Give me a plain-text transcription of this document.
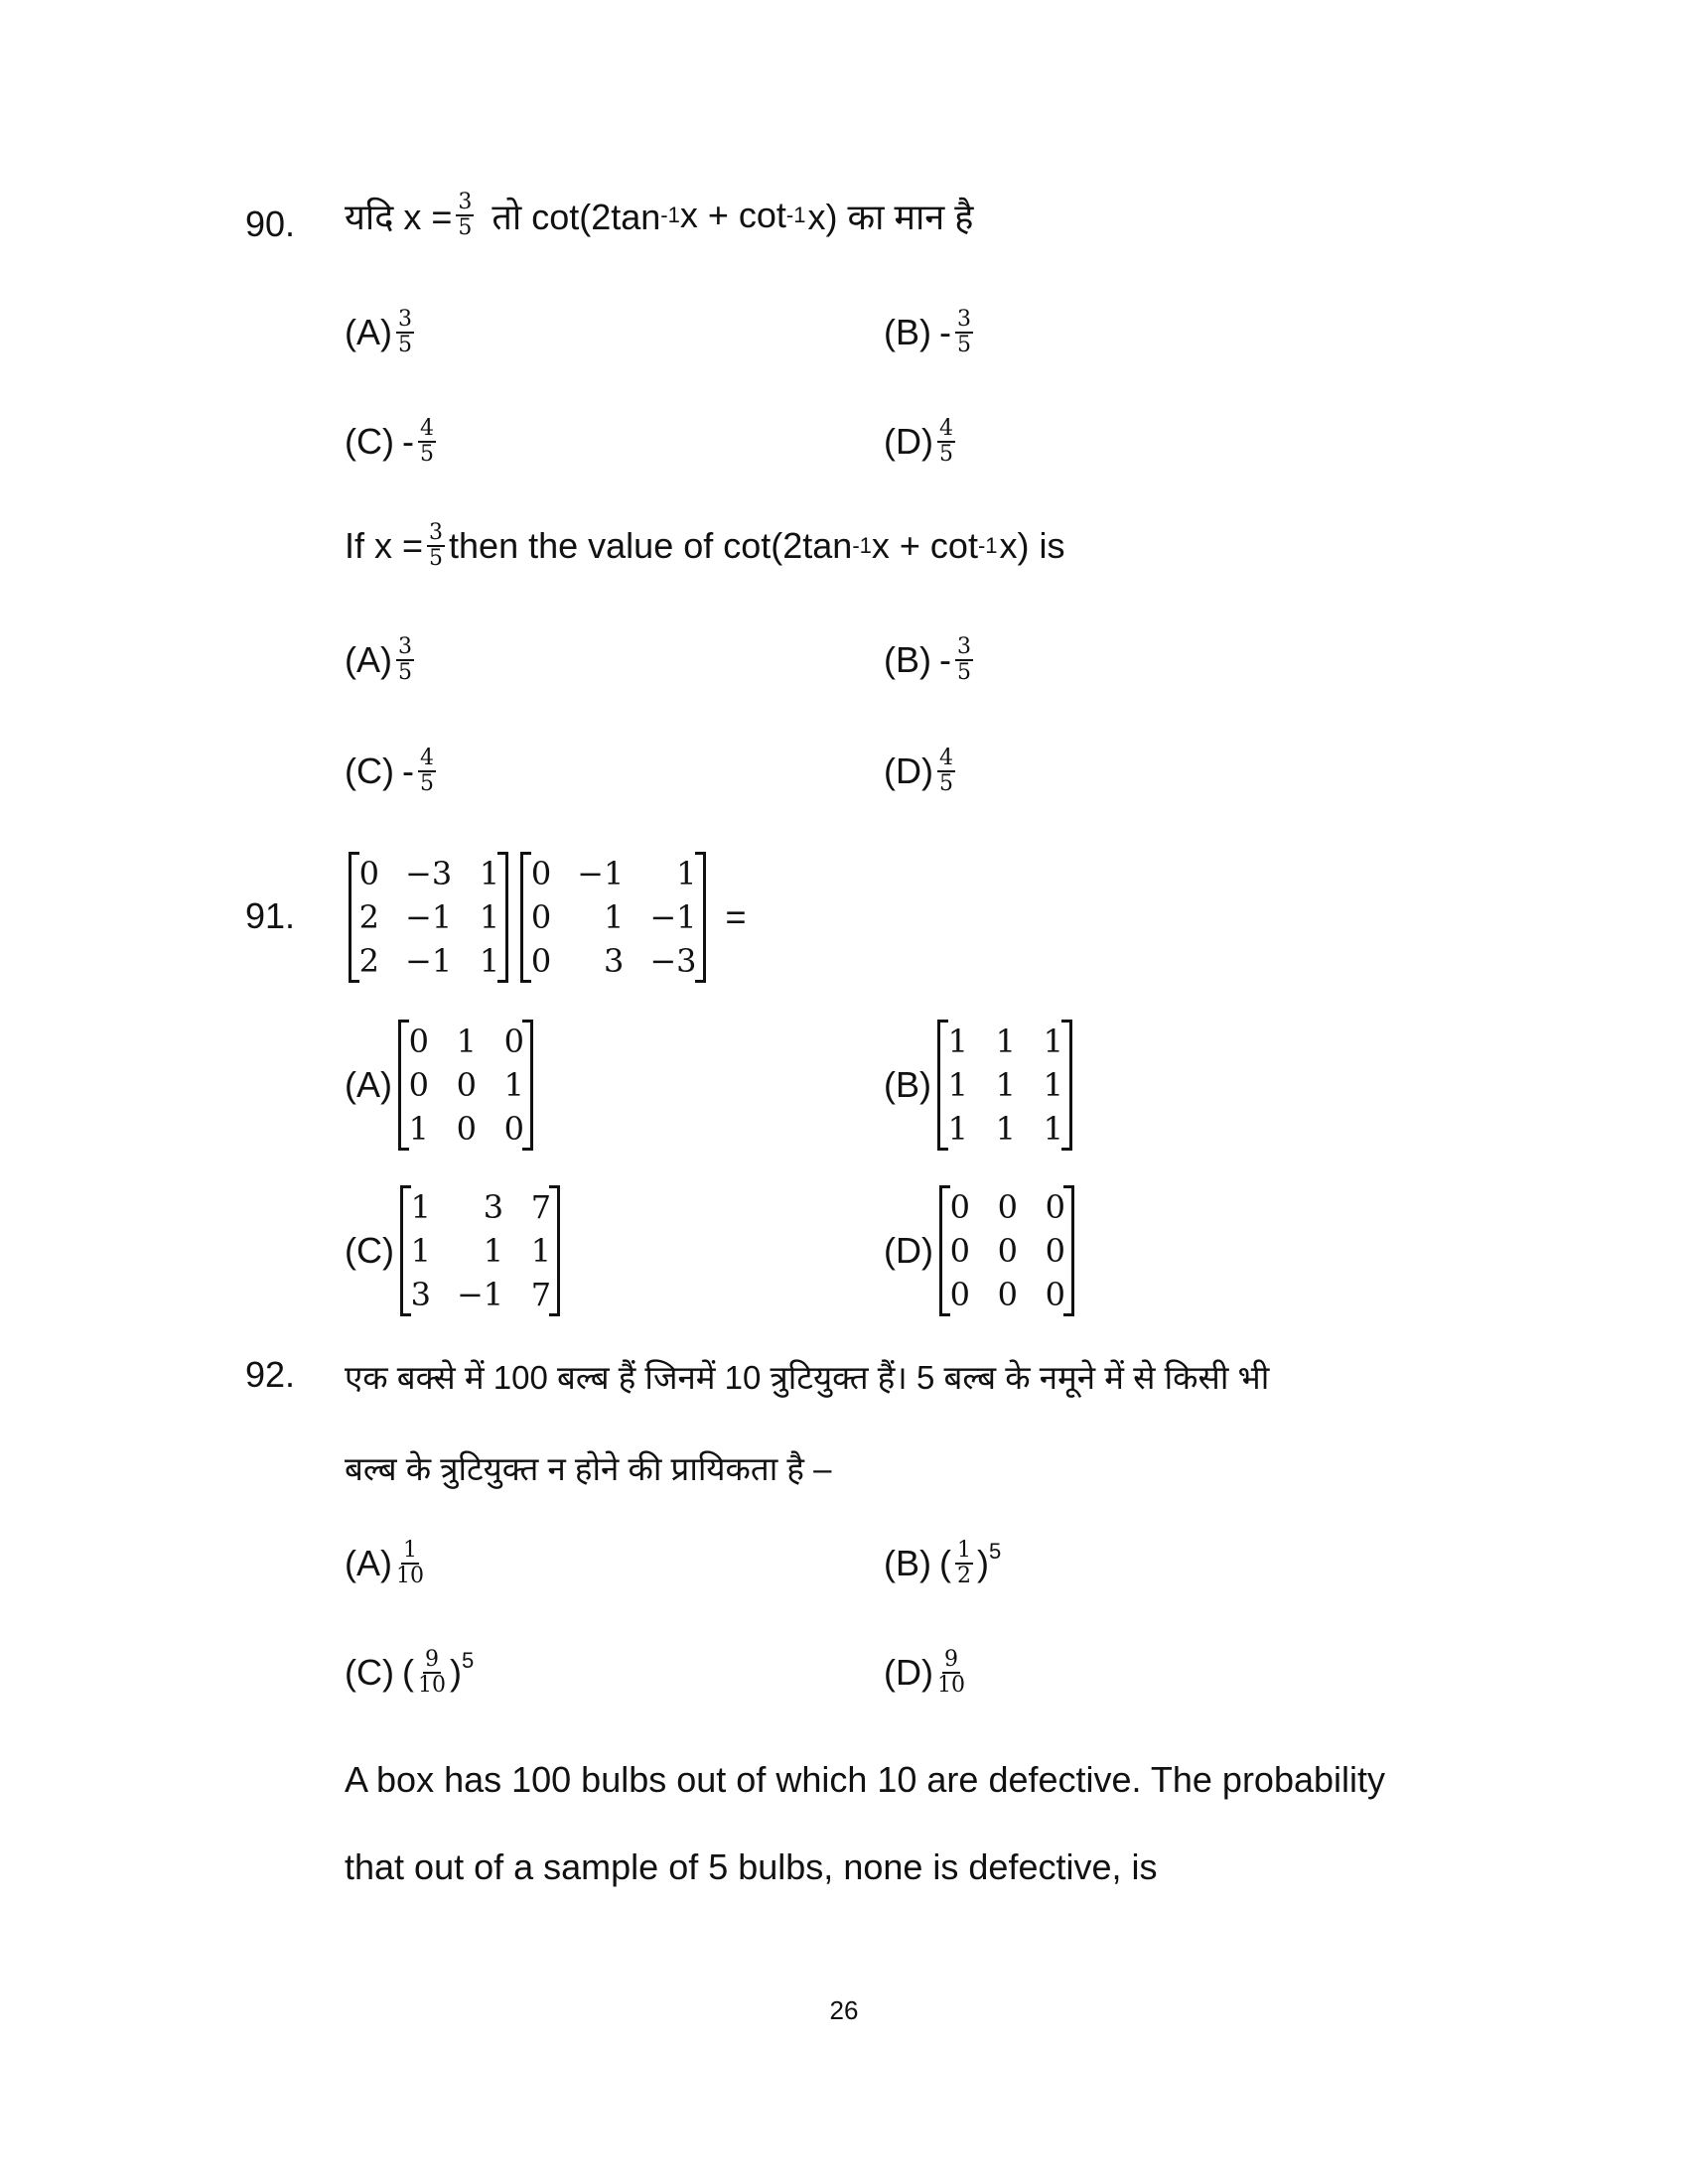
90. यदि $x = \frac{3}{5}$ तो cot(2tan -1 x + cot -1 x) का मान है
$(A) \frac{3}{5}$	$(B) - \frac{3}{5}$
$(C) - \frac{4}{5}$	$(D) \frac{4}{5}$
If $x = \frac{3}{5}$ then the value of cot(2tan -1 x + cot -1 x) is
$(A) \frac{3}{5}$	$(B) - \frac{3}{5}$
$(C) - \frac{4}{5}$	$(D) \frac{4}{5}$
91.
0 −3 1
2 −1 1
2 −1 1
0 −1	1
0	1 −1
0	3 −3
=
(A)
0 1 0
0 0 1
1 0 0
(B)
1 1 1
1 1 1
1 1 1
(C)
1	3 7
1	1 1
3 −1 7
(D)
0 0 0
0 0 0
0 0 0
92. एक बक्से में 100 बल्ब हैं जिनमें 10 त्रुटियुक्त हैं। 5 बल्ब के नमूने में से किसी भी
बल्ब के त्रुटियुक्त न होने की प्रायिकता है –
$(A) \frac{1}{10}$	(B) ( $\frac{1}{2} )^5$
(C) ( $\frac{9}{10} )^5$	$(D) \frac{9}{10}$
A box has 100 bulbs out of which 10 are defective. The probability
that out of a sample of 5 bulbs, none is defective, is
26
